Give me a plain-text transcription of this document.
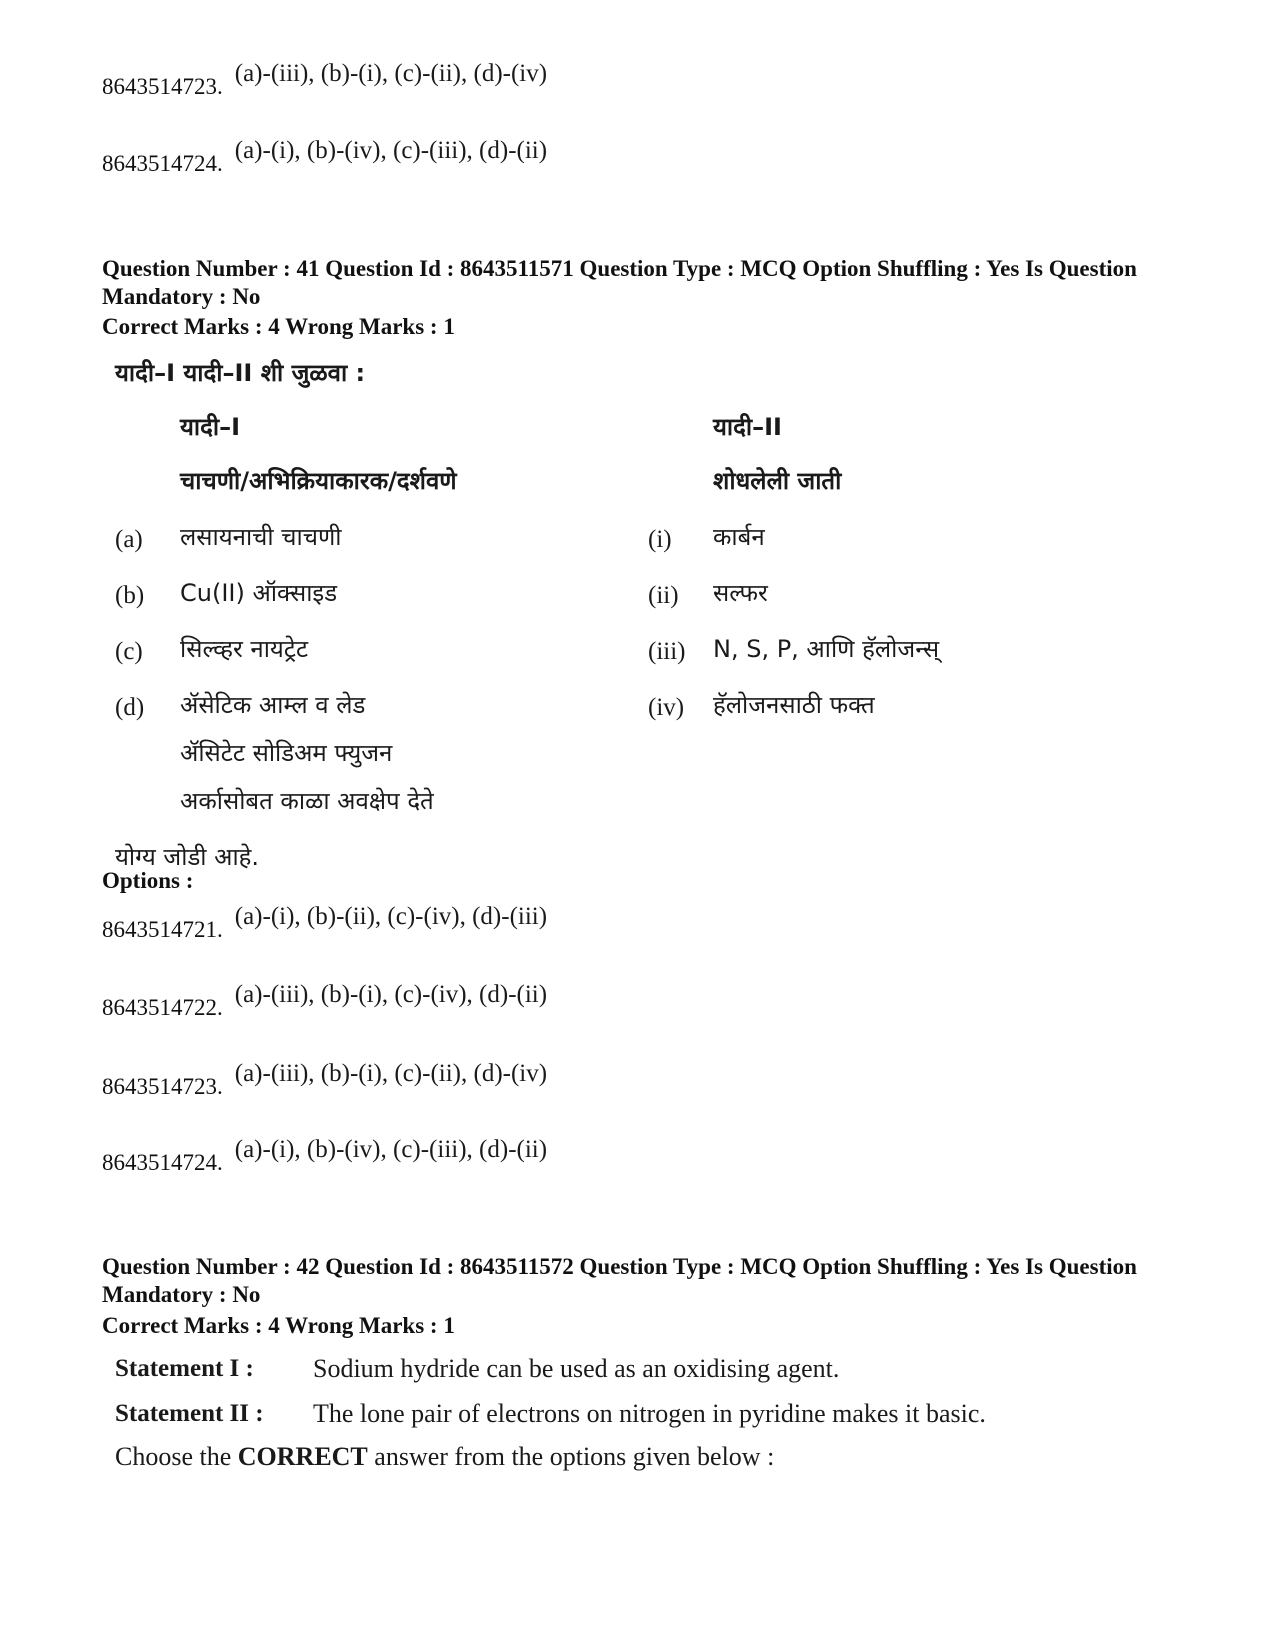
8643514723. (a)-(iii), (b)-(i), (c)-(ii), (d)-(iv)
8643514724. (a)-(i), (b)-(iv), (c)-(iii), (d)-(ii)
Question Number : 41 Question Id : 8643511571 Question Type : MCQ Option Shuffling : Yes Is Question Mandatory : No
Correct Marks : 4 Wrong Marks : 1
यादी–I यादी–II शी जुळवा :
यादी–I	यादी–II
चाचणी/अभिक्रियाकारक/दर्शवणे	शोधलेली जाती
(a) लसायनाची चाचणी
(b) Cu(II) ऑक्साइड
(c) सिल्व्हर नायट्रेट
(d) ॲसेटिक आम्ल व लेड
ॲसिटेट सोडिअम फ्युजन
अर्कासोबत काळा अवक्षेप देते
(i) कार्बन
(ii) सल्फर
(iii) N, S, P, आणि हॅलोजन्स्
(iv) हॅलोजनसाठी फक्त
योग्य जोडी आहे.
Options :
8643514721. (a)-(i), (b)-(ii), (c)-(iv), (d)-(iii)
8643514722. (a)-(iii), (b)-(i), (c)-(iv), (d)-(ii)
8643514723. (a)-(iii), (b)-(i), (c)-(ii), (d)-(iv)
8643514724. (a)-(i), (b)-(iv), (c)-(iii), (d)-(ii)
Question Number : 42 Question Id : 8643511572 Question Type : MCQ Option Shuffling : Yes Is Question Mandatory : No
Correct Marks : 4 Wrong Marks : 1
Statement I : Sodium hydride can be used as an oxidising agent.
Statement II : The lone pair of electrons on nitrogen in pyridine makes it basic.
Choose the CORRECT answer from the options given below :
